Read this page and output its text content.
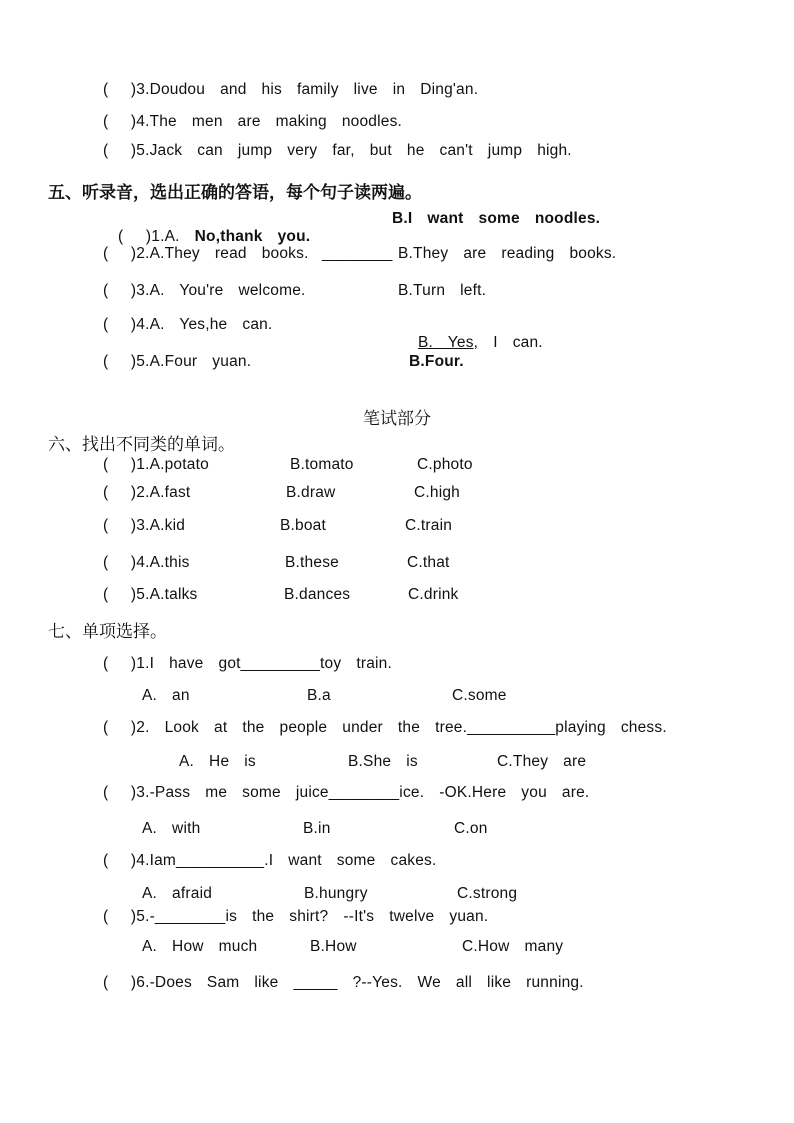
(   )3.Doudou  and  his  family  live  in  Ding'an.
(   )4.The  men  are  making  noodles.
(   )5.Jack  can  jump  very  far,  but  he  can't  jump  high.
五、听录音，选出正确的答语，每个句子读两遍。

(   )1.A.  No,thank  you.

B.I  want  some  noodles.
(   )2.A.They  read  books. ________ B.They  are  reading  books.
(   )3.A.  You're  welcome.	B.Turn  left.
(   )4.A.  Yes,he  can.

B.  Yes,  I  can.

(   )5.A.Four  yuan.	B.Four.
笔试部分
六、找出不同类的单词。
(   )1.A.potato	B.tomato	C.photo
(   )2.A.fast	B.draw	C.high
(   )3.A.kid	B.boat	C.train
(   )4.A.this	B.these	C.that
(   )5.A.talks	B.dances	C.drink
七、单项选择。
(   )1.I  have  got_________toy  train.
A.  an	B.a	C.some
(   )2.  Look  at  the  people  under  the  tree.__________playing  chess.
A.  He  is	B.She  is	C.They  are
(   )3.-Pass  me  some  juice________ice.  -OK.Here  you  are.
A.  with	B.in	C.on
(   )4.Iam__________.I  want  some  cakes.
A.  afraid	B.hungry	C.strong
(   )5.-________is  the  shirt?  --It's  twelve  yuan.
A.  How  much	B.How	C.How  many
(   )6.-Does  Sam  like  _____  ?--Yes.  We  all  like  running.
